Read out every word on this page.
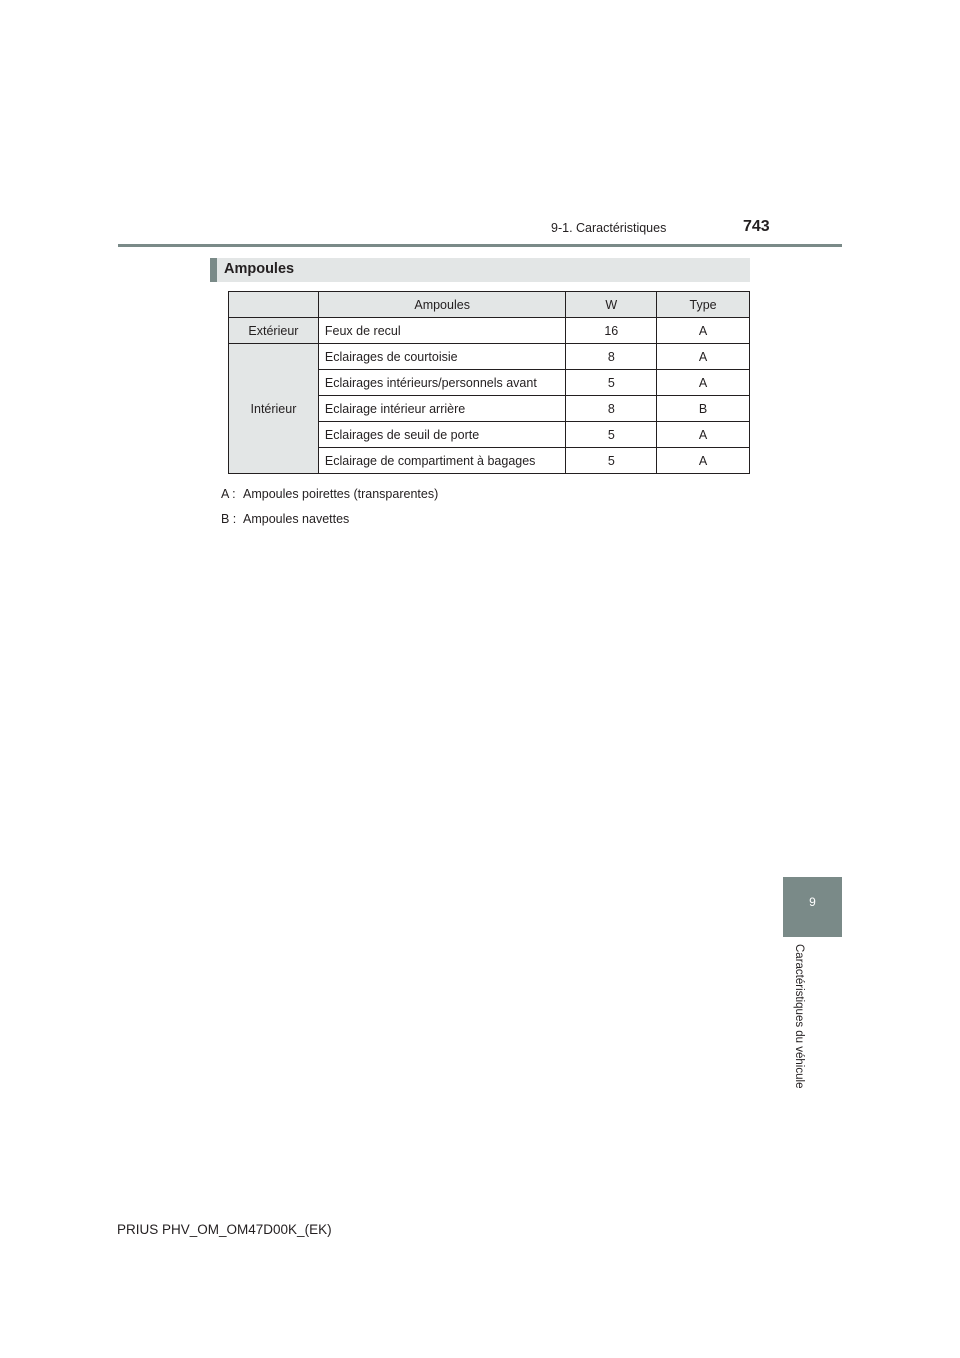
9-1. Caractéristiques	743
Ampoules
	Ampoules	W	Type
Extérieur	Feux de recul	16	A
Intérieur	Eclairages de courtoisie	8	A
	Eclairages intérieurs/personnels avant	5	A
	Eclairage intérieur arrière	8	B
	Eclairages de seuil de porte	5	A
	Eclairage de compartiment à bagages	5	A
A : Ampoules poirettes (transparentes)
B : Ampoules navettes
9
Caractéristiques du véhicule
PRIUS PHV_OM_OM47D00K_(EK)
